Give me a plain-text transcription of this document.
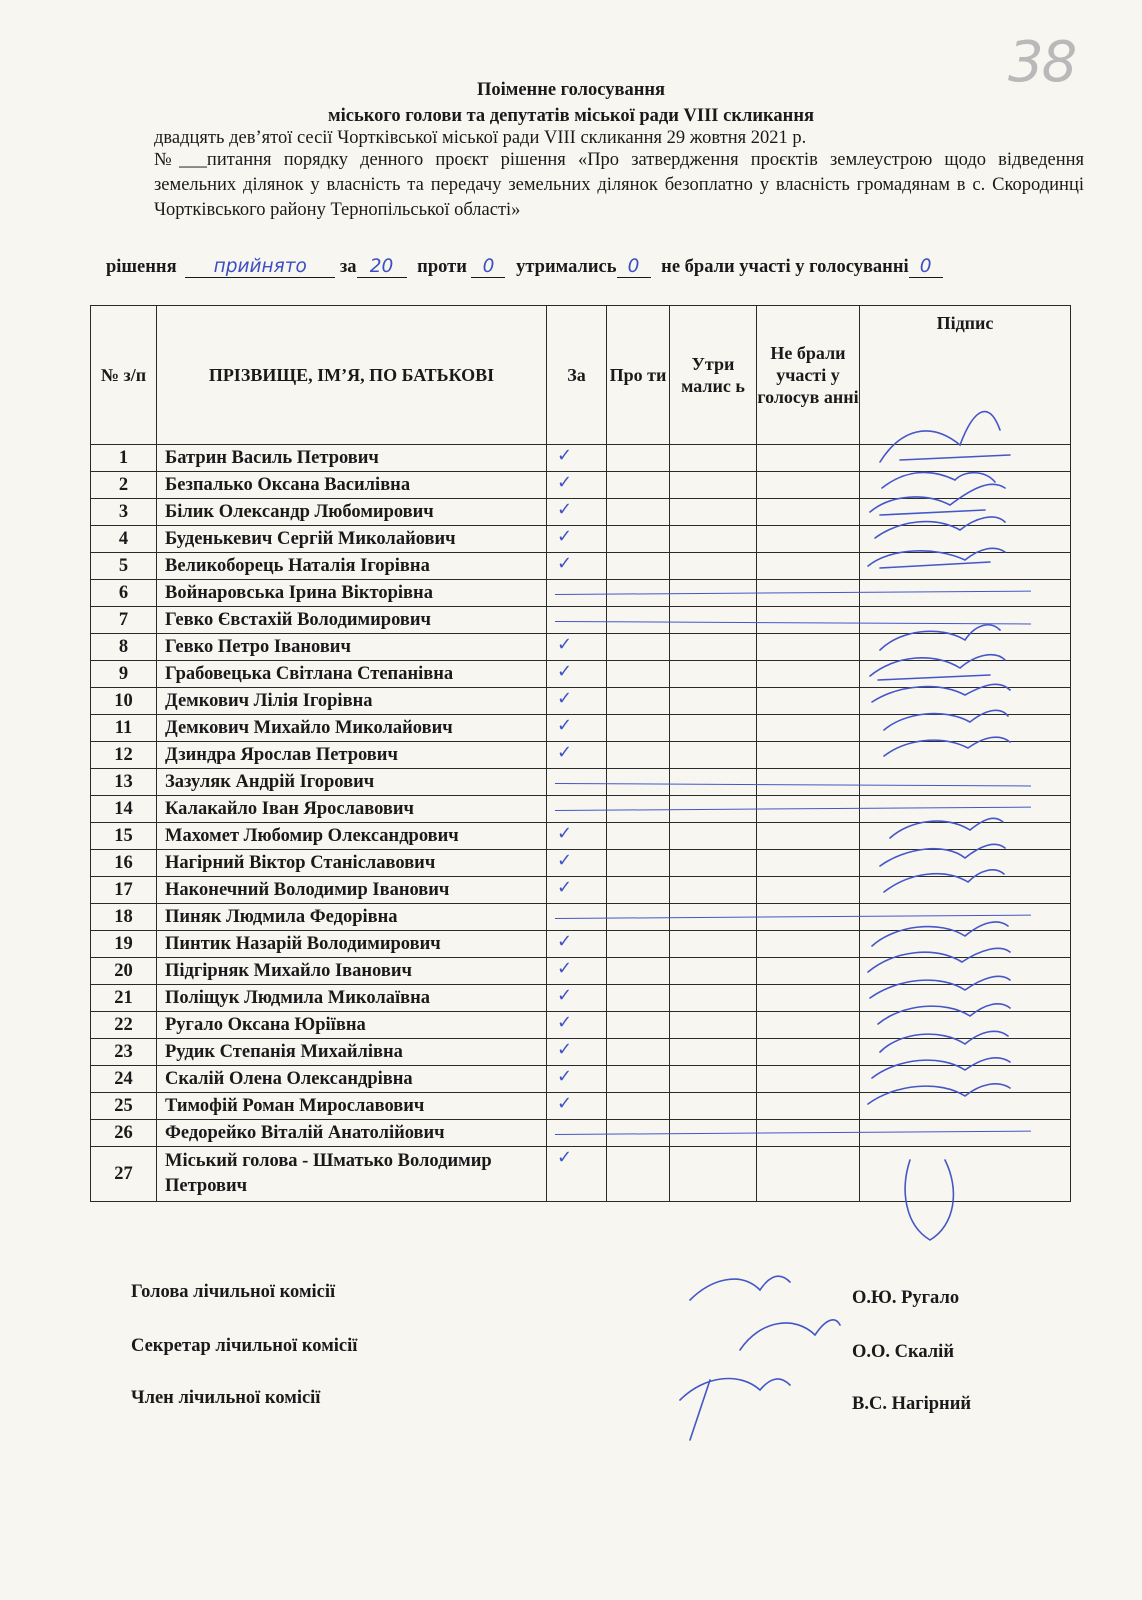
38
Поіменне голосування
міського голови та депутатів міської ради VIII скликання
двадцять дев’ятої сесії Чортківської міської ради VIII скликання 29 жовтня 2021 р.
№___питання порядку денного проєкт рішення «Про затвердження проєктів землеустрою щодо відведення земельних ділянок у власність та передачу земельних ділянок безоплатно у власність громадянам в с. Скородинці Чортківського району Тернопільської області»
рішення прийнято за 20 проти 0 утримались 0 не брали участі у голосуванні 0
№ з/п	ПРІЗВИЩЕ, ІМ’Я, ПО БАТЬКОВІ	За	Про ти	Утри малис ь	Не брали участі у голосув анні	Підпис
1	Батрин Василь Петрович	✓				

2	Безпалько Оксана Василівна	✓				

3	Білик Олександр Любомирович	✓				

4	Буденькевич Сергій Миколайович	✓				

5	Великоборець Наталія Ігорівна	✓				

6	Войнаровська Ірина Вікторівна					
7	Гевко Євстахій Володимирович					
8	Гевко Петро Іванович	✓				

9	Грабовецька Світлана Степанівна	✓				

10	Демкович Лілія Ігорівна	✓				

11	Демкович Михайло Миколайович	✓				

12	Дзиндра Ярослав Петрович	✓				

13	Зазуляк Андрій Ігорович					
14	Калакайло Іван Ярославович					
15	Махомет Любомир Олександрович	✓				

16	Нагірний Віктор Станіславович	✓				

17	Наконечний Володимир Іванович	✓				

18	Пиняк Людмила Федорівна					
19	Пинтик Назарій Володимирович	✓				

20	Підгірняк Михайло Іванович	✓				

21	Поліщук Людмила Миколаївна	✓				

22	Ругало Оксана Юріївна	✓				

23	Рудик Степанія Михайлівна	✓				

24	Скалій Олена Олександрівна	✓				

25	Тимофій Роман Мирославович	✓				

26	Федорейко Віталій Анатолійович					
27	Міський голова - Шматько Володимир Петрович	✓				

Голова лічильної комісії	О.Ю. Ругало
Секретар лічильної комісії	О.О. Скалій
Член лічильної комісії	В.С. Нагірний
